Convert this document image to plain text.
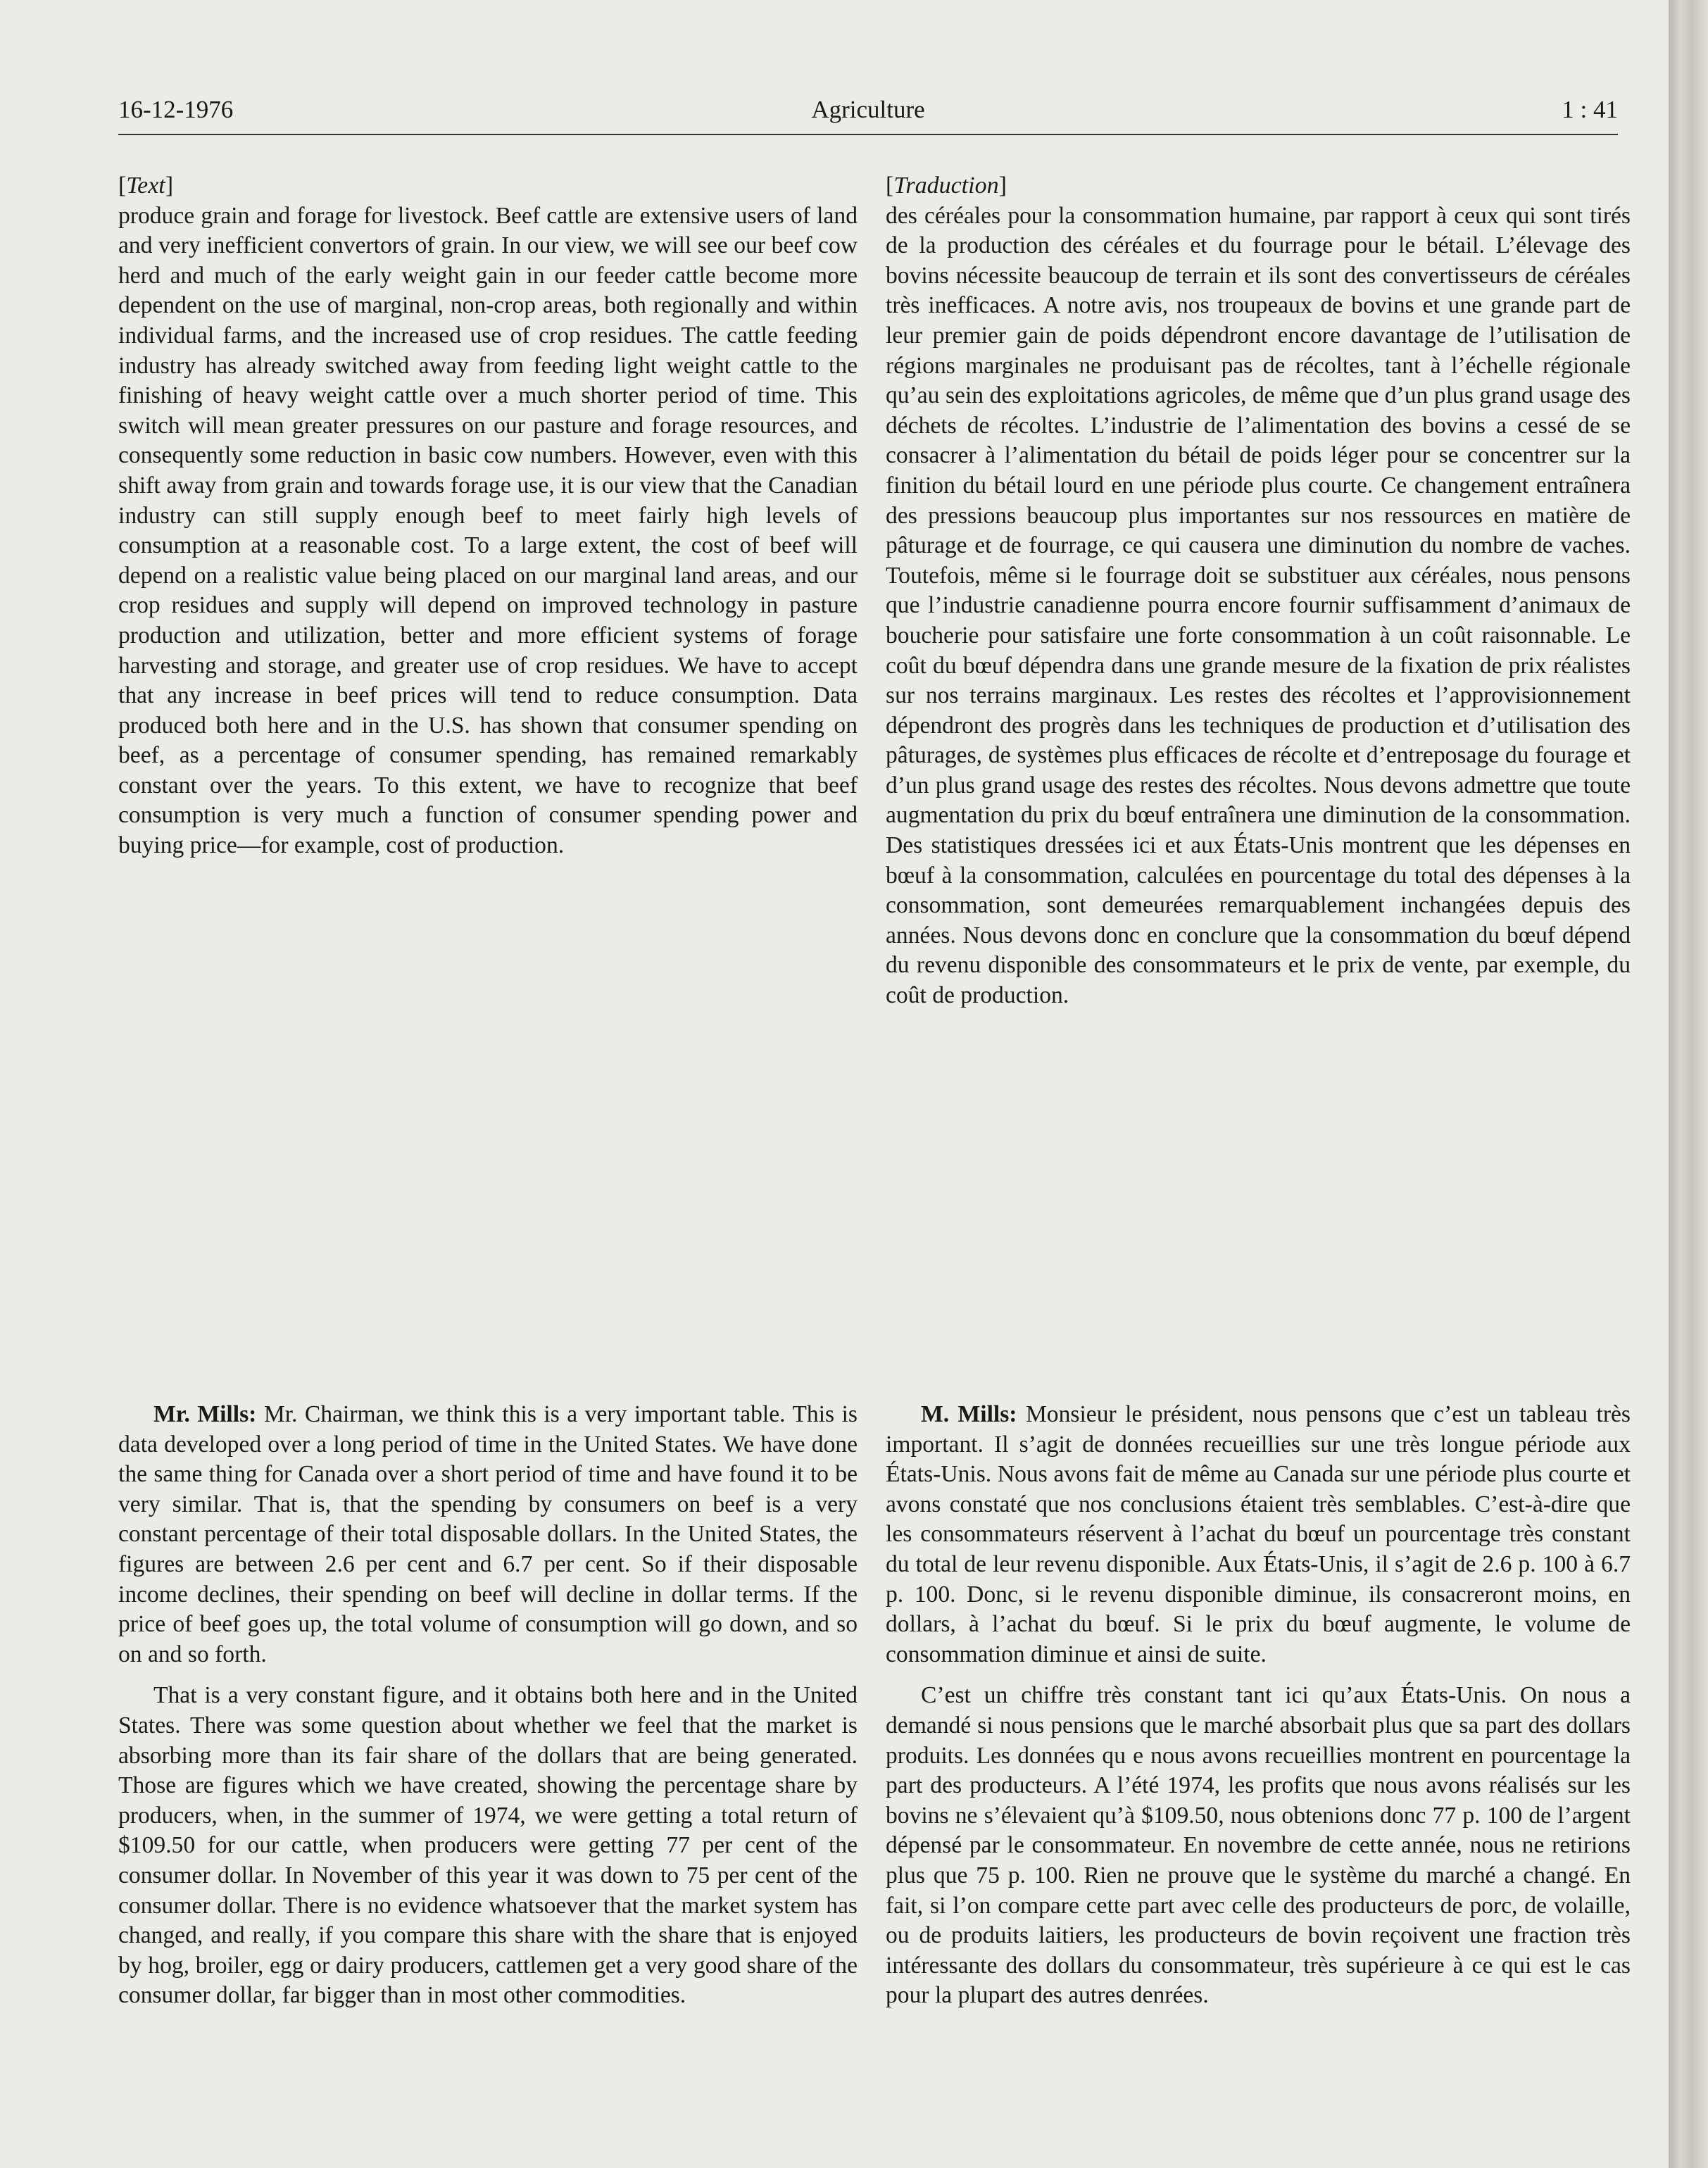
16-12-1976	Agriculture	1 : 41

[Text]

produce grain and forage for livestock. Beef cattle are extensive users of land and very inefficient convertors of grain. In our view, we will see our beef cow herd and much of the early weight gain in our feeder cattle become more dependent on the use of marginal, non-crop areas, both regionally and within individual farms, and the increased use of crop residues. The cattle feeding industry has already switched away from feeding light weight cattle to the finishing of heavy weight cattle over a much shorter period of time. This switch will mean greater pressures on our pasture and forage resources, and consequently some reduction in basic cow numbers. However, even with this shift away from grain and towards forage use, it is our view that the Canadian industry can still supply enough beef to meet fairly high levels of consumption at a reasonable cost. To a large extent, the cost of beef will depend on a realistic value being placed on our marginal land areas, and our crop residues and supply will depend on improved technology in pasture production and utilization, better and more efficient systems of forage harvesting and storage, and greater use of crop residues. We have to accept that any increase in beef prices will tend to reduce consumption. Data produced both here and in the U.S. has shown that consumer spending on beef, as a percentage of consumer spending, has remained remarkably constant over the years. To this extent, we have to recognize that beef consumption is very much a function of consumer spending power and buying price—for example, cost of production.

Mr. Mills: Mr. Chairman, we think this is a very important table. This is data developed over a long period of time in the United States. We have done the same thing for Canada over a short period of time and have found it to be very similar. That is, that the spending by consumers on beef is a very constant percentage of their total disposable dollars. In the United States, the figures are between 2.6 per cent and 6.7 per cent. So if their disposable income declines, their spending on beef will decline in dollar terms. If the price of beef goes up, the total volume of consumption will go down, and so on and so forth.

That is a very constant figure, and it obtains both here and in the United States. There was some question about whether we feel that the market is absorbing more than its fair share of the dollars that are being generated. Those are figures which we have created, showing the percentage share by producers, when, in the summer of 1974, we were getting a total return of $109.50 for our cattle, when producers were getting 77 per cent of the consumer dollar. In November of this year it was down to 75 per cent of the consumer dollar. There is no evidence whatsoever that the market system has changed, and really, if you compare this share with the share that is enjoyed by hog, broiler, egg or dairy producers, cattlemen get a very good share of the consumer dollar, far bigger than in most other commodities.

[Traduction]

des céréales pour la consommation humaine, par rapport à ceux qui sont tirés de la production des céréales et du fourrage pour le bétail. L’élevage des bovins nécessite beaucoup de terrain et ils sont des convertisseurs de céréales très inefficaces. A notre avis, nos troupeaux de bovins et une grande part de leur premier gain de poids dépendront encore davantage de l’utilisation de régions marginales ne produisant pas de récoltes, tant à l’échelle régionale qu’au sein des exploitations agricoles, de même que d’un plus grand usage des déchets de récoltes. L’industrie de l’alimentation des bovins a cessé de se consacrer à l’alimentation du bétail de poids léger pour se concentrer sur la finition du bétail lourd en une période plus courte. Ce changement entraînera des pressions beaucoup plus importantes sur nos ressources en matière de pâturage et de fourrage, ce qui causera une diminution du nombre de vaches. Toutefois, même si le fourrage doit se substituer aux céréales, nous pensons que l’industrie canadienne pourra encore fournir suffisamment d’animaux de boucherie pour satisfaire une forte consommation à un coût raisonnable. Le coût du bœuf dépendra dans une grande mesure de la fixation de prix réalistes sur nos terrains marginaux. Les restes des récoltes et l’approvisionnement dépendront des progrès dans les techniques de production et d’utilisation des pâturages, de systèmes plus efficaces de récolte et d’entreposage du fourage et d’un plus grand usage des restes des récoltes. Nous devons admettre que toute augmentation du prix du bœuf entraînera une diminution de la consommation. Des statistiques dressées ici et aux États-Unis montrent que les dépenses en bœuf à la consommation, calculées en pourcentage du total des dépenses à la consommation, sont demeurées remarquablement inchangées depuis des années. Nous devons donc en conclure que la consommation du bœuf dépend du revenu disponible des consommateurs et le prix de vente, par exemple, du coût de production.

M. Mills: Monsieur le président, nous pensons que c’est un tableau très important. Il s’agit de données recueillies sur une très longue période aux États-Unis. Nous avons fait de même au Canada sur une période plus courte et avons constaté que nos conclusions étaient très semblables. C’est-à-dire que les consommateurs réservent à l’achat du bœuf un pourcentage très constant du total de leur revenu disponible. Aux États-Unis, il s’agit de 2.6 p. 100 à 6.7 p. 100. Donc, si le revenu disponible diminue, ils consacreront moins, en dollars, à l’achat du bœuf. Si le prix du bœuf augmente, le volume de consommation diminue et ainsi de suite.

C’est un chiffre très constant tant ici qu’aux États-Unis. On nous a demandé si nous pensions que le marché absorbait plus que sa part des dollars produits. Les données qu e nous avons recueillies montrent en pourcentage la part des producteurs. A l’été 1974, les profits que nous avons réalisés sur les bovins ne s’élevaient qu’à $109.50, nous obtenions donc 77 p. 100 de l’argent dépensé par le consommateur. En novembre de cette année, nous ne retirions plus que 75 p. 100. Rien ne prouve que le système du marché a changé. En fait, si l’on compare cette part avec celle des producteurs de porc, de volaille, ou de produits laitiers, les producteurs de bovin reçoivent une fraction très intéressante des dollars du consommateur, très supérieure à ce qui est le cas pour la plupart des autres denrées.
